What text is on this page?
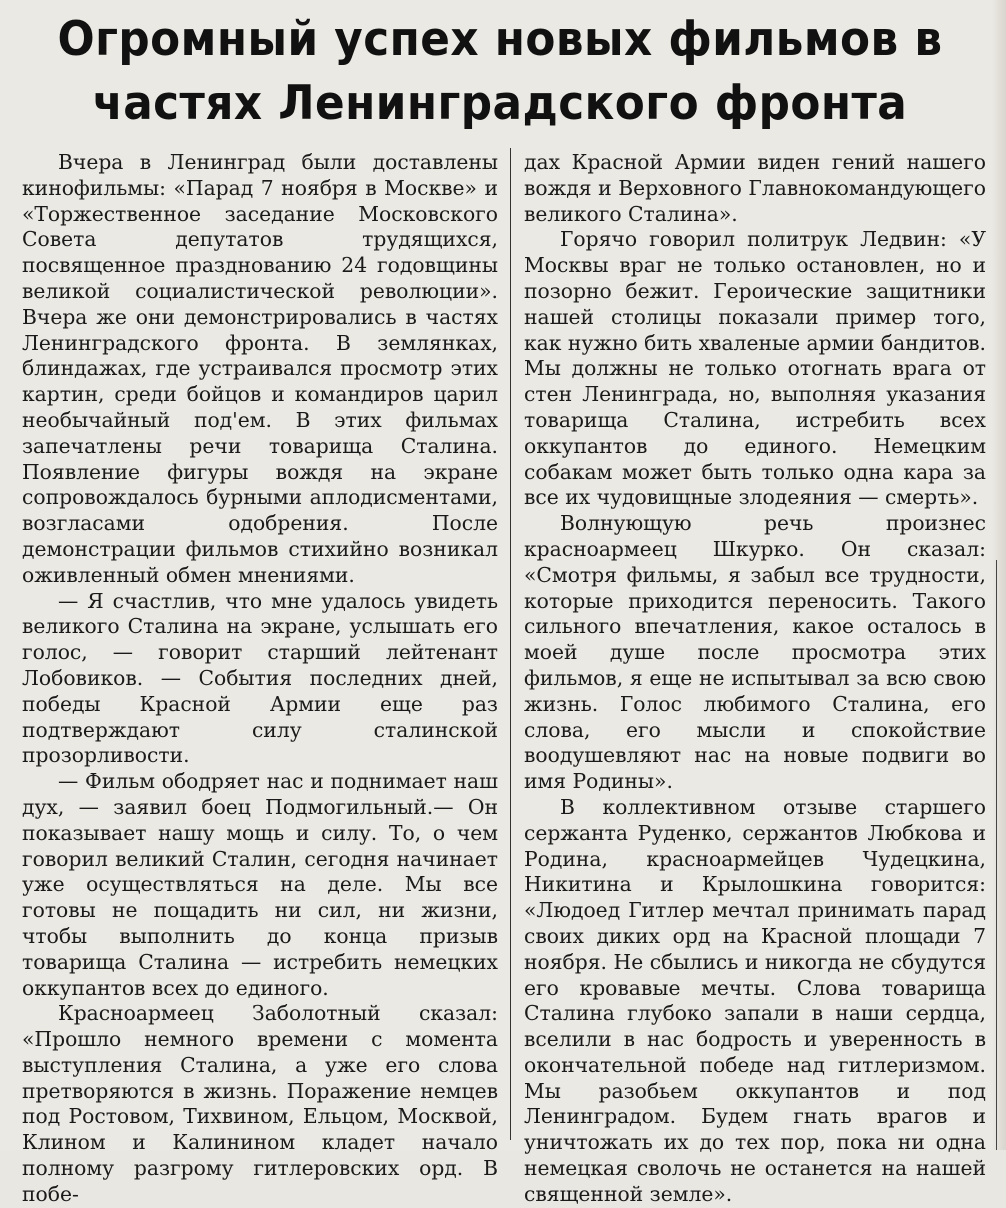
Огромный успех новых фильмов в
частях Ленинградского фронта

Вчера в Ленинград были доставлены кинофильмы: «Парад 7 ноября в Москве» и «Торжественное заседание Московского Совета депутатов трудящихся, посвященное празднованию 24 годовщины великой социалистической революции». Вчера же они демонстрировались в частях Ленинградского фронта. В землянках, блиндажах, где устраивался просмотр этих картин, среди бойцов и командиров царил необычайный под'ем. В этих фильмах запечатлены речи товарища Сталина. Появление фигуры вождя на экране сопровождалось бурными аплодисментами, возгласами одобрения. После демонстрации фильмов стихийно возникал оживленный обмен мнениями.

— Я счастлив, что мне удалось увидеть великого Сталина на экране, услышать его голос, — говорит старший лейтенант Лобовиков. — События последних дней, победы Красной Армии еще раз подтверждают силу сталинской прозорливости.

— Фильм ободряет нас и поднимает наш дух, — заявил боец Подмогильный.— Он показывает нашу мощь и силу. То, о чем говорил великий Сталин, сегодня начинает уже осуществляться на деле. Мы все готовы не пощадить ни сил, ни жизни, чтобы выполнить до конца призыв товарища Сталина — истребить немецких оккупантов всех до единого.

Красноармеец Заболотный сказал: «Прошло немного времени с момента выступления Сталина, а уже его слова претворяются в жизнь. Поражение немцев под Ростовом, Тихвином, Ельцом, Москвой, Клином и Калинином кладет начало полному разгрому гитлеровских орд. В побе-

дах Красной Армии виден гений нашего вождя и Верховного Главнокомандующего великого Сталина».

Горячо говорил политрук Ледвин: «У Москвы враг не только остановлен, но и позорно бежит. Героические защитники нашей столицы показали пример того, как нужно бить хваленые армии бандитов. Мы должны не только отогнать врага от стен Ленинграда, но, выполняя указания товарища Сталина, истребить всех оккупантов до единого. Немецким собакам может быть только одна кара за все их чудовищные злодеяния — смерть».

Волнующую речь произнес красноармеец Шкурко. Он сказал: «Смотря фильмы, я забыл все трудности, которые приходится переносить. Такого сильного впечатления, какое осталось в моей душе после просмотра этих фильмов, я еще не испытывал за всю свою жизнь. Голос любимого Сталина, его слова, его мысли и спокойствие воодушевляют нас на новые подвиги во имя Родины».

В коллективном отзыве старшего сержанта Руденко, сержантов Любкова и Родина, красноармейцев Чудецкина, Никитина и Крылошкина говорится: «Людоед Гитлер мечтал принимать парад своих диких орд на Красной площади 7 ноября. Не сбылись и никогда не сбудутся его кровавые мечты. Слова товарища Сталина глубоко запали в наши сердца, вселили в нас бодрость и уверенность в окончательной победе над гитлеризмом. Мы разобьем оккупантов и под Ленинградом. Будем гнать врагов и уничтожать их до тех пор, пока ни одна немецкая сволочь не останется на нашей священной земле».
